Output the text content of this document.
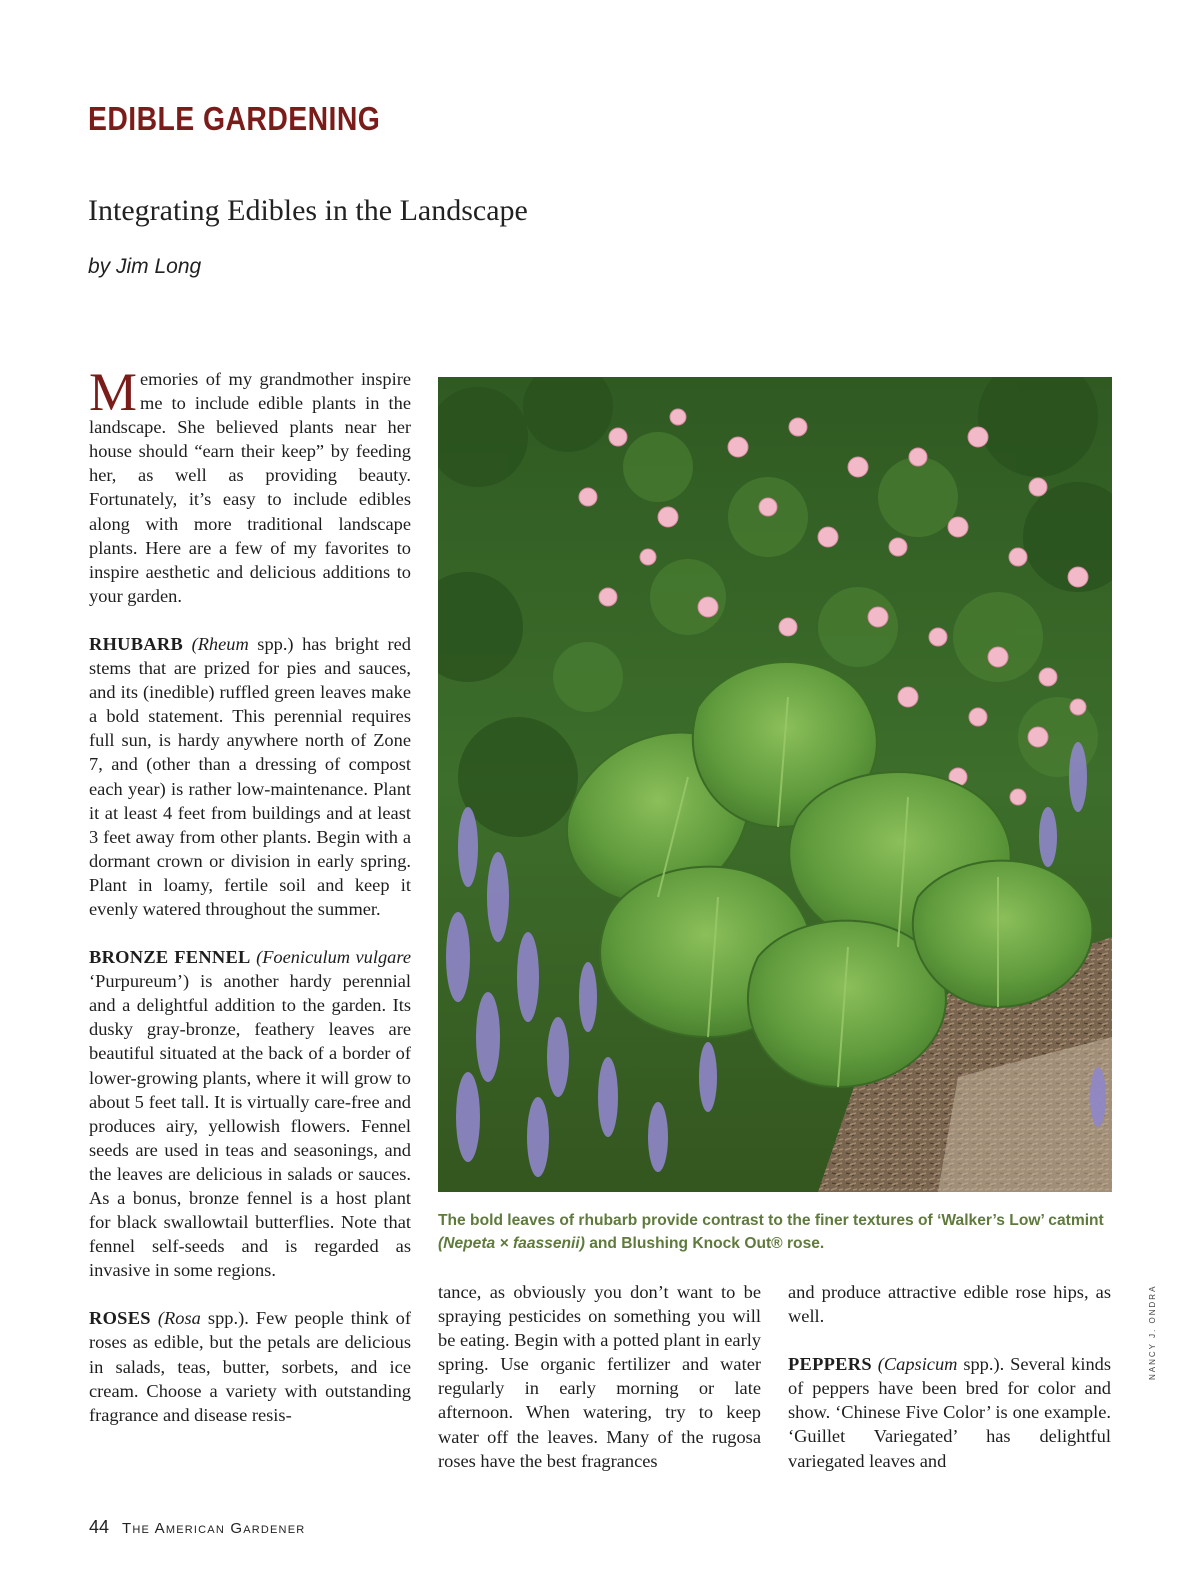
EDIBLE GARDENING
Integrating Edibles in the Landscape
by Jim Long

Memories of my grandmother inspire me to include edible plants in the landscape. She believed plants near her house should “earn their keep” by feeding her, as well as providing beauty. Fortunately, it’s easy to include edibles along with more traditional landscape plants. Here are a few of my favorites to inspire aesthetic and delicious additions to your garden.

RHUBARB (Rheum spp.) has bright red stems that are prized for pies and sauces, and its (inedible) ruffled green leaves make a bold statement. This perennial requires full sun, is hardy anywhere north of Zone 7, and (other than a dressing of compost each year) is rather low-maintenance. Plant it at least 4 feet from buildings and at least 3 feet away from other plants. Begin with a dormant crown or division in early spring. Plant in loamy, fertile soil and keep it evenly watered throughout the summer.

BRONZE FENNEL (Foeniculum vulgare ‘Purpureum’) is another hardy perennial and a delightful addition to the garden. Its dusky gray-bronze, feathery leaves are beautiful situated at the back of a border of lower-growing plants, where it will grow to about 5 feet tall. It is virtually care-free and produces airy, yellowish flowers. Fennel seeds are used in teas and seasonings, and the leaves are delicious in salads or sauces. As a bonus, bronze fennel is a host plant for black swallowtail butterflies. Note that fennel self-seeds and is regarded as invasive in some regions.

ROSES (Rosa spp.). Few people think of roses as edible, but the petals are delicious in salads, teas, butter, sorbets, and ice cream. Choose a variety with outstanding fragrance and disease resis-

The bold leaves of rhubarb provide contrast to the finer textures of ‘Walker’s Low’ catmint (Nepeta × faassenii) and Blushing Knock Out® rose.
NANCY J. ONDRA

tance, as obviously you don’t want to be spraying pesticides on something you will be eating. Begin with a potted plant in early spring. Use organic fertilizer and water regularly in early morning or late afternoon. When watering, try to keep water off the leaves. Many of the rugosa roses have the best fragrances

and produce attractive edible rose hips, as well.

PEPPERS (Capsicum spp.). Several kinds of peppers have been bred for color and show. ‘Chinese Five Color’ is one example. ‘Guillet Variegated’ has delightful variegated leaves and

44 The American Gardener
